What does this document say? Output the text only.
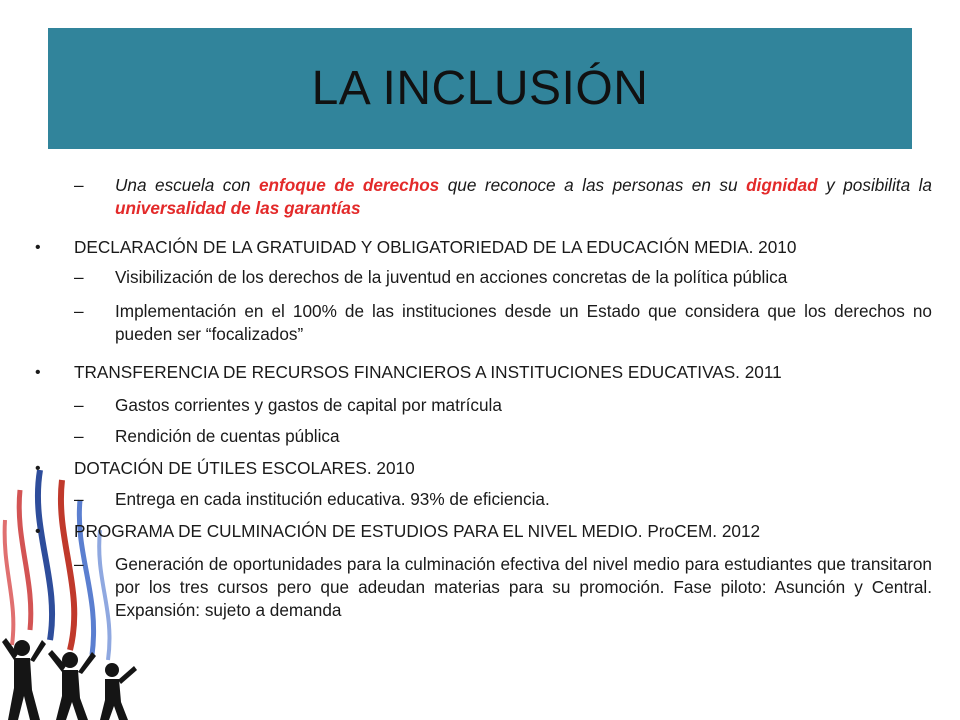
LA INCLUSIÓN
– Una escuela con enfoque de derechos que reconoce a las personas en su dignidad y posibilita la universalidad de las garantías
• DECLARACIÓN DE LA GRATUIDAD Y OBLIGATORIEDAD DE LA EDUCACIÓN MEDIA. 2010
– Visibilización de los derechos de la juventud en acciones concretas de la política pública
– Implementación en el 100% de las instituciones desde un Estado que considera que los derechos no pueden ser “focalizados”
• TRANSFERENCIA DE RECURSOS FINANCIEROS A INSTITUCIONES EDUCATIVAS. 2011
– Gastos corrientes y gastos de capital por matrícula
– Rendición de cuentas pública
• DOTACIÓN DE ÚTILES ESCOLARES. 2010
– Entrega en cada institución educativa. 93% de eficiencia.
• PROGRAMA DE CULMINACIÓN DE ESTUDIOS PARA EL NIVEL MEDIO. ProCEM. 2012
– Generación de oportunidades para la culminación efectiva del nivel medio para estudiantes que transitaron por los tres cursos pero que adeudan materias para su promoción. Fase piloto: Asunción y Central. Expansión: sujeto a demanda
